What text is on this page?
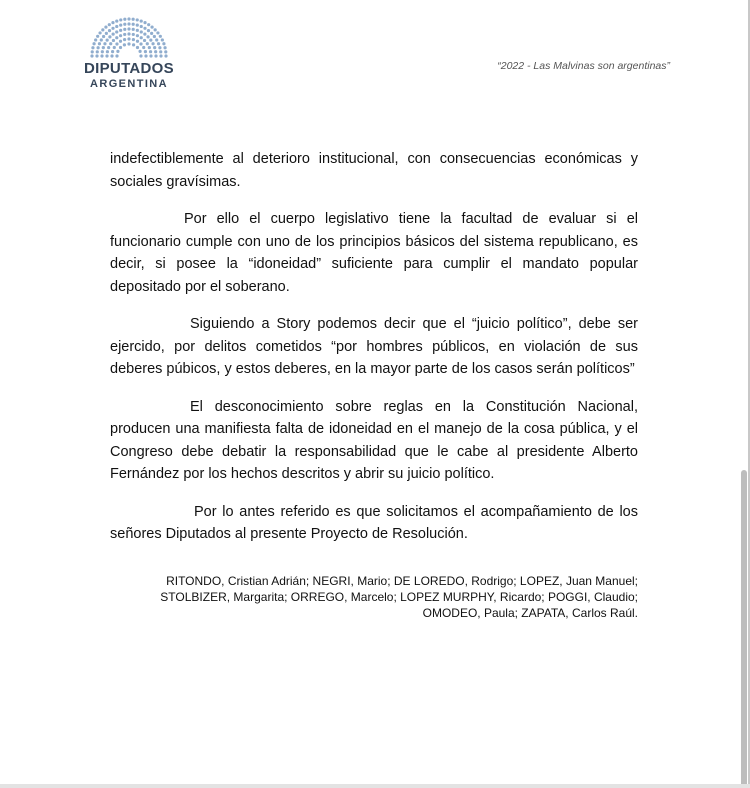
DIPUTADOS
ARGENTINA
“2022 - Las Malvinas son argentinas”

indefectiblemente al deterioro institucional, con consecuencias económicas y sociales gravísimas.

Por ello el cuerpo legislativo tiene la facultad de evaluar si el funcionario cumple con uno de los principios básicos del sistema republicano, es decir, si posee la “idoneidad” suficiente para cumplir el mandato popular depositado por el soberano.

Siguiendo a Story podemos decir que el “juicio político”, debe ser ejercido, por delitos cometidos “por hombres públicos, en violación de sus deberes púbicos, y estos deberes, en la mayor parte de los casos serán políticos”

El desconocimiento sobre reglas en la Constitución Nacional, producen una manifiesta falta de idoneidad en el manejo de la cosa pública, y el Congreso debe debatir la responsabilidad que le cabe al presidente Alberto Fernández por los hechos descritos y abrir su juicio político.

Por lo antes referido es que solicitamos el acompañamiento de los señores Diputados al presente Proyecto de Resolución.

RITONDO, Cristian Adrián; NEGRI, Mario; DE LOREDO, Rodrigo; LOPEZ, Juan Manuel;
STOLBIZER, Margarita; ORREGO, Marcelo; LOPEZ MURPHY, Ricardo; POGGI, Claudio;
OMODEO, Paula; ZAPATA, Carlos Raúl.
